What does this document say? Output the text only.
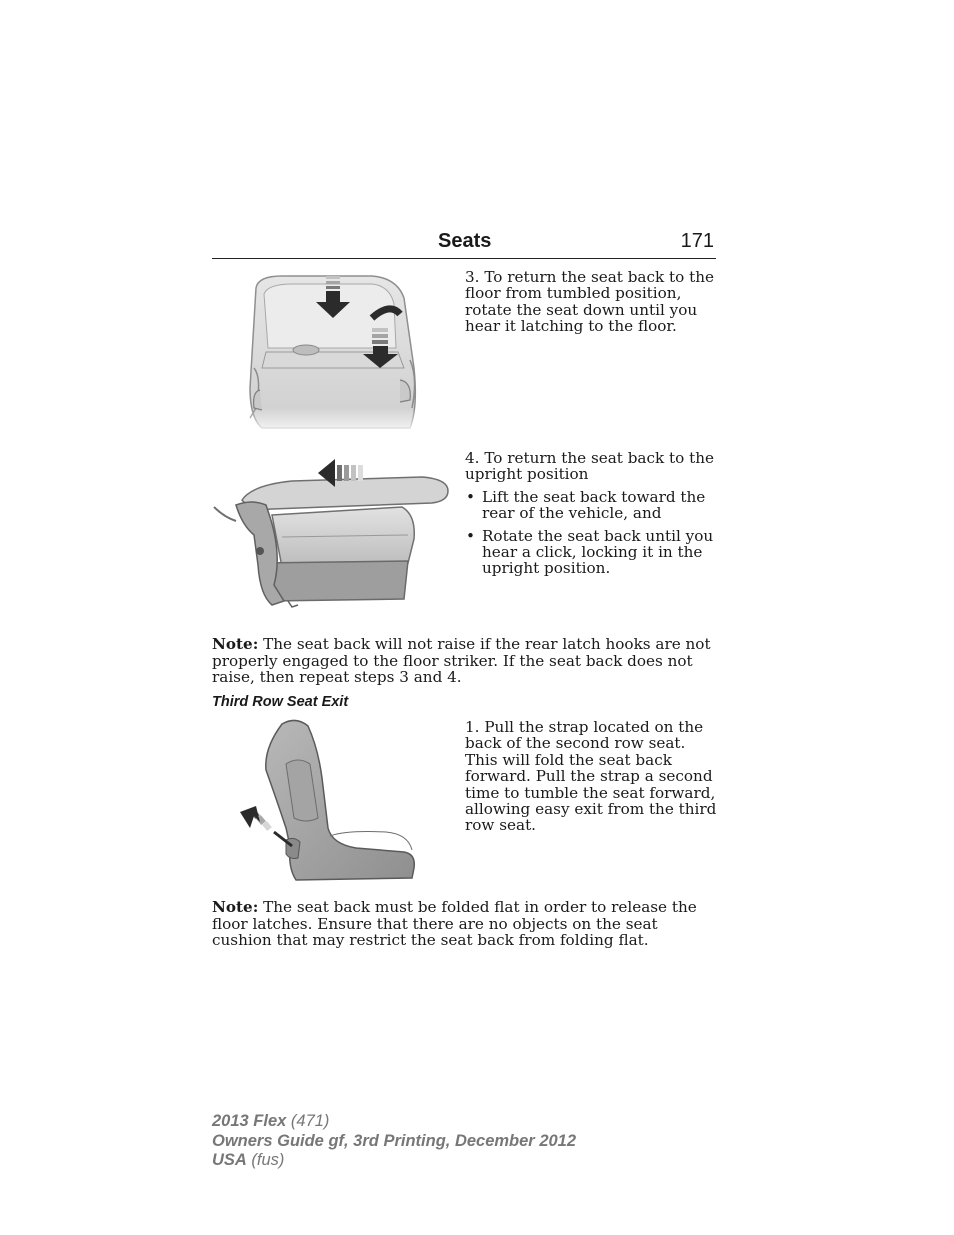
Seats	171

3. To return the seat back to the floor from tumbled position, rotate the seat down until you hear it latching to the floor.

4. To return the seat back to the upright position

• Lift the seat back toward the rear of the vehicle, and
• Rotate the seat back until you hear a click, locking it in the upright position.
Note: The seat back will not raise if the rear latch hooks are not properly engaged to the floor striker. If the seat back does not raise, then repeat steps 3 and 4.
Third Row Seat Exit

1. Pull the strap located on the back of the second row seat. This will fold the seat back forward. Pull the strap a second time to tumble the seat forward, allowing easy exit from the third row seat.

Note: The seat back must be folded flat in order to release the floor latches. Ensure that there are no objects on the seat cushion that may restrict the seat back from folding flat.
2013 Flex (471)
Owners Guide gf, 3rd Printing, December 2012
USA (fus)
